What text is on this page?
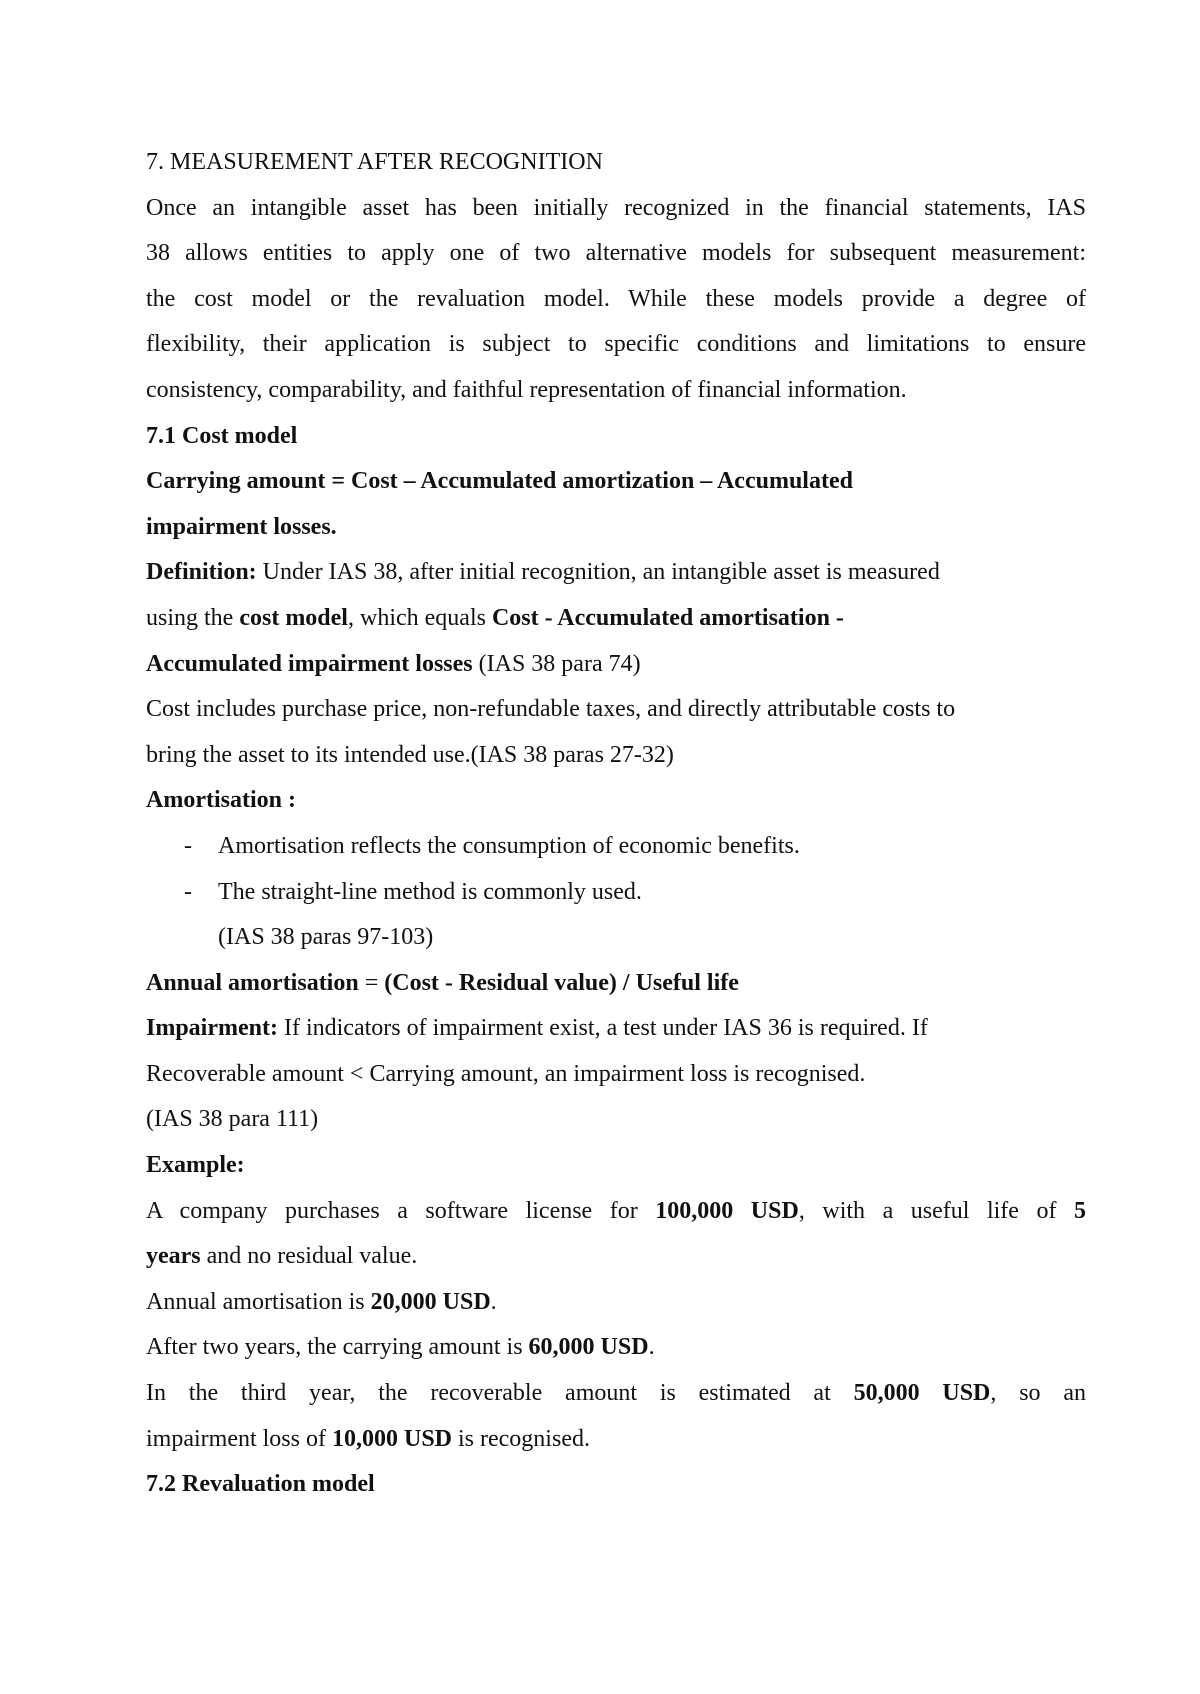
7. MEASUREMENT AFTER RECOGNITION
Once an intangible asset has been initially recognized in the financial statements, IAS
38 allows entities to apply one of two alternative models for subsequent measurement:
the cost model or the revaluation model. While these models provide a degree of
flexibility, their application is subject to specific conditions and limitations to ensure
consistency, comparability, and faithful representation of financial information.
7.1 Cost model
Carrying amount = Cost – Accumulated amortization – Accumulated
impairment losses.
Definition: Under IAS 38, after initial recognition, an intangible asset is measured
using the cost model, which equals Cost - Accumulated amortisation -
Accumulated impairment losses (IAS 38 para 74)
Cost includes purchase price, non-refundable taxes, and directly attributable costs to
bring the asset to its intended use.(IAS 38 paras 27-32)
Amortisation :
- Amortisation reflects the consumption of economic benefits.
- The straight-line method is commonly used.
(IAS 38 paras 97-103)
Annual amortisation = (Cost - Residual value) / Useful life
Impairment: If indicators of impairment exist, a test under IAS 36 is required. If
Recoverable amount < Carrying amount, an impairment loss is recognised.
(IAS 38 para 111)
Example:
A company purchases a software license for 100,000 USD, with a useful life of 5
years and no residual value.
Annual amortisation is 20,000 USD.
After two years, the carrying amount is 60,000 USD.
In the third year, the recoverable amount is estimated at 50,000 USD, so an
impairment loss of 10,000 USD is recognised.
7.2 Revaluation model
